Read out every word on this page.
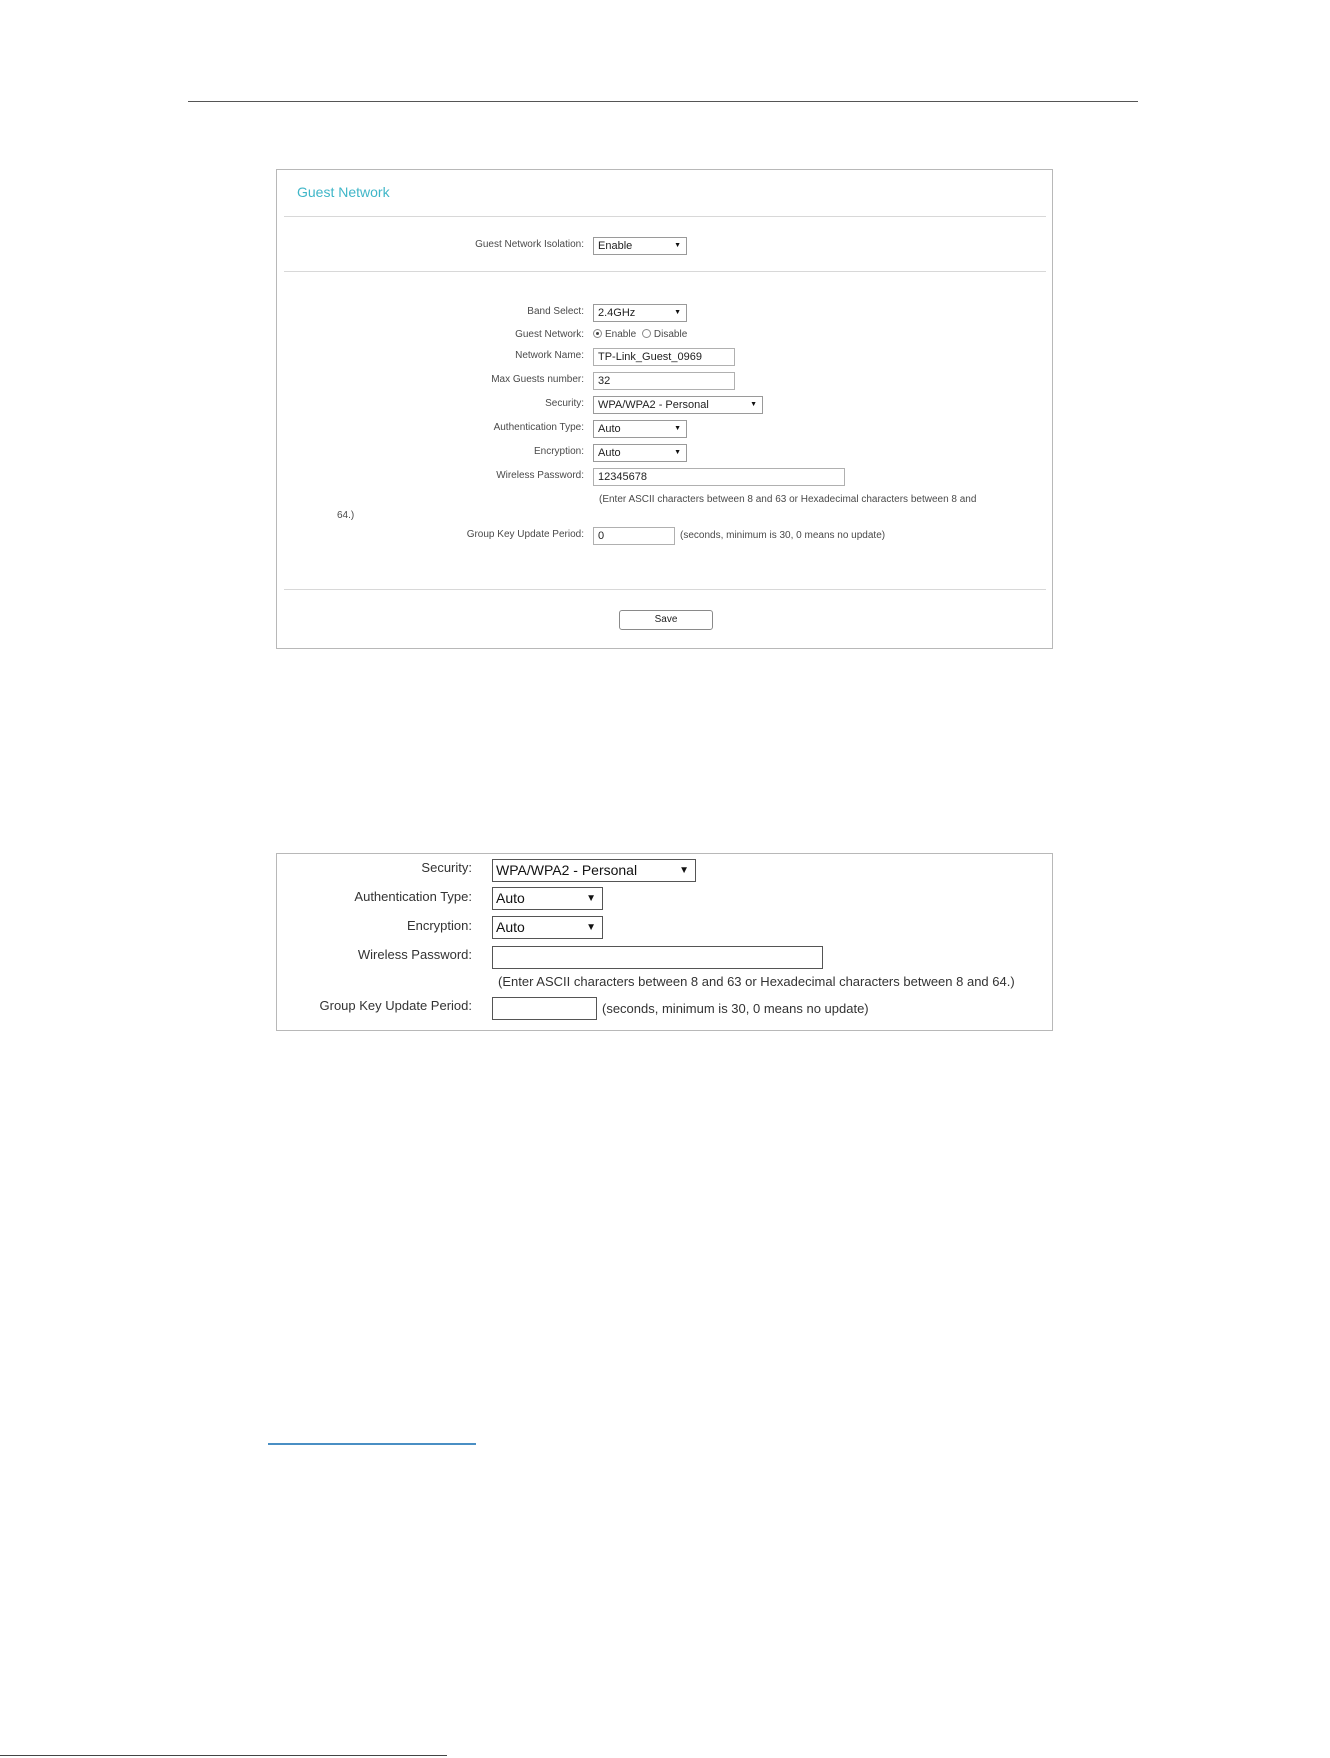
Guest Network
Guest Network Isolation:	Enable	▼
Band Select:	2.4GHz	▼
Guest Network:	Enable Disable
Network Name:	TP-Link_Guest_0969
Max Guests number:	32
Security:	WPA/WPA2 - Personal	▼
Authentication Type:	Auto	▼
Encryption:	Auto	▼
Wireless Password:	12345678
(Enter ASCII characters between 8 and 63 or Hexadecimal characters between 8 and
64.)
Group Key Update Period:	0	(seconds, minimum is 30, 0 means no update)
Save
Security: WPA/WPA2 - Personal	▼
Authentication Type: Auto	▼
Encryption: Auto	▼
Wireless Password:
(Enter ASCII characters between 8 and 63 or Hexadecimal characters between 8 and 64.)
Group Key Update Period:	(seconds, minimum is 30, 0 means no update)
